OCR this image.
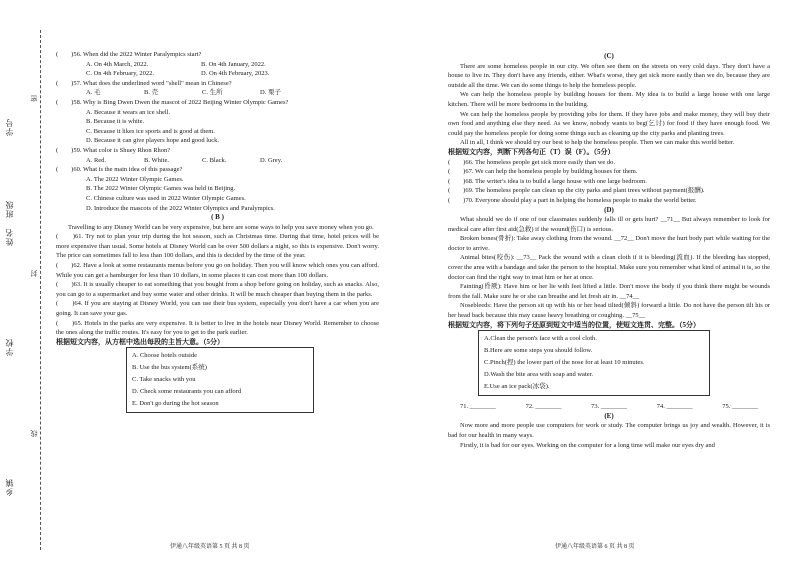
学号
班级
姓名
学校
乡镇
密
封
线
(　　)56. When did the 2022 Winter Paralympics start?
A. On 4th March, 2022.	B. On 4th January, 2022.
C. On 4th February, 2022.	D. On 4th February, 2023.
(　　)57. What does the underlined word "shell" mean in Chinese?
A. 毛	B. 壳	C. 生所	D. 栗子
(　　)58. Why is Bing Dwen Dwen the mascot of 2022 Beijing Winter Olympic Games?
A. Because it wears an ice shell.
B. Because it is white.
C. Because it likes ice sports and is good at them.
D. Because it can give players hope and good luck.
(　　)59. What color is Shuey Rhon Rhon?
A. Red.	B. White.	C. Black.	D. Grey.
(　　)60. What is the main idea of this passage?
A. The 2022 Winter Olympic Games.
B. The 2022 Winter Olympic Games was held in Beijing.
C. Chinese culture was used in 2022 Winter Olympic Games.
D. Introduce the mascots of the 2022 Winter Olympics and Paralympics.
( B )
Travelling to any Disney World can be very expensive, but here are some ways to help you save money when you go.
(　　)61. Try not to plan your trip during the hot season, such as Christmas time. During that time, hotel prices will be more expensive than usual. Some hotels at Disney World can be over 500 dollars a night, so this is expensive. Don't worry. The price can sometimes fall to less than 100 dollars, and this is decided by the time of the year.
(　　)62. Have a look at some restaurants menus before you go on holiday. Then you will know which ones you can afford. While you can get a hamburger for less than 10 dollars, in some places it can cost more than 100 dollars.
(　　)63. It is usually cheaper to eat something that you bought from a shop before going on holiday, such as snacks. Also, you can go to a supermarket and buy some water and other drinks. It will be much cheaper than buying them in the parks.
(　　)64. If you are staying at Disney World, you can use their bus system, especially you don't have a car when you are going. It can save your gas.
(　　)65. Hotels in the parks are very expensive. It is better to live in the hotels near Disney World. Remember to choose the ones along the traffic routes. It's easy for you to get to the park earlier.
根据短文内容，从方框中选出每段的主旨大意。（5分）
A. Choose hotels outside
B. Use the bus system(系统)
C. Take snacks with you
D. Check some restaurants you can afford
E. Don't go during the hot season
伊通八年级英语第 5 页 共 8 页
(C)
There are some homeless people in our city. We often see them on the streets on very cold days. They don't have a house to live in. They don't have any friends, either. What's worse, they get sick more easily than we do, because they are outside all the time. We can do some things to help the homeless people.
We can help the homeless people by building houses for them. My idea is to build a large house with one large kitchen. There will be more bedrooms in the building.
We can help the homeless people by providing jobs for them. If they have jobs and make money, they will buy their own food and anything else they need. As we know, nobody wants to beg(乞讨) for food if they have enough food. We could pay the homeless people for doing some things such as cleaning up the city parks and planting trees.
All in all, I think we should try our best to help the homeless people. Then we can make this world better.
根据短文内容，判断下列各句正（T）误（F）。（5分）
(　　)66. The homeless people get sick more easily than we do.
(　　)67. We can help the homeless people by building houses for them.
(　　)68. The writer's idea is to build a large house with one large bedroom.
(　　)69. The homeless people can clean up the city parks and plant trees without payment(报酬).
(　　)70. Everyone should play a part in helping the homeless people to make the world better.
(D)
What should we do if one of our classmates suddenly falls ill or gets hurt? __71__ But always remember to look for medical care after first aid(急救) if the wound(伤口) is serious.
Broken bones(骨折): Take away clothing from the wound. __72__ Don't move the hurt body part while waiting for the doctor to arrive.
Animal bites(咬伤): __73__ Pack the wound with a clean cloth if it is bleeding(流血). If the bleeding has stopped, cover the area with a bandage and take the person to the hospital. Make sure you remember what kind of animal it is, so the doctor can find the right way to treat him or her at once.
Fainting(昏厥): Have him or her lie with feet lifted a little. Don't move the body if you think there might be wounds from the fall. Make sure he or she can breathe and let fresh air in. __74__
Nosebleeds: Have the person sit up with his or her head tilted(倾斜) forward a little. Do not have the person tilt his or her head back because this may cause heavy breathing or coughing. __75__
根据短文内容，将下列句子还原到短文中适当的位置，使短文连贯、完整。（5分）
A.Clean the person's face with a cool cloth.
B.Here are some steps you should follow.
C.Pinch(捏) the lower part of the nose for at least 10 minutes.
D.Wash the bite area with soap and water.
E.Use an ice pack(冰袋).
71. ________	72. ________	73. ________	74. ________	75. ________
(E)
Now more and more people use computers for work or study. The computer brings us joy and wealth. However, it is bad for our health in many ways.
Firstly, it is bad for our eyes. Working on the computer for a long time will make our eyes dry and
伊通八年级英语第 6 页 共 8 页
